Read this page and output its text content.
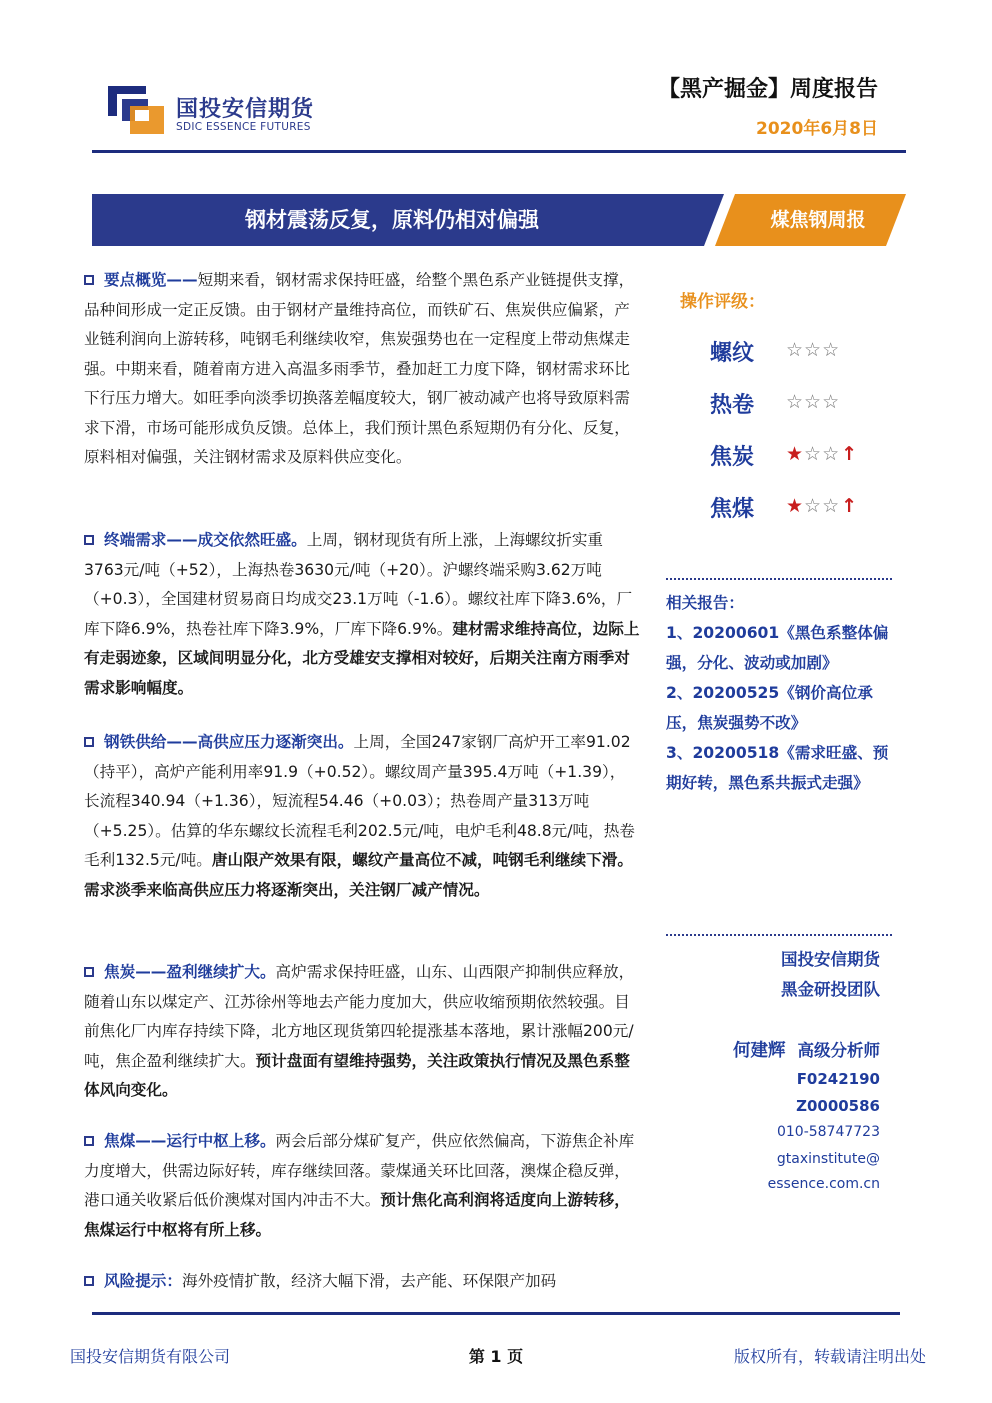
国投安信期货
SDIC ESSENCE FUTURES
【黑产掘金】周度报告
2020年6月8日
钢材震荡反复，原料仍相对偏强	煤焦钢周报
要点概览——短期来看，钢材需求保持旺盛，给整个黑色系产业链提供支撑，品种间形成一定正反馈。由于钢材产量维持高位，而铁矿石、焦炭供应偏紧，产业链利润向上游转移，吨钢毛利继续收窄，焦炭强势也在一定程度上带动焦煤走强。中期来看，随着南方进入高温多雨季节，叠加赶工力度下降，钢材需求环比下行压力增大。如旺季向淡季切换落差幅度较大，钢厂被动减产也将导致原料需求下滑，市场可能形成负反馈。总体上，我们预计黑色系短期仍有分化、反复，原料相对偏强，关注钢材需求及原料供应变化。
终端需求——成交依然旺盛。上周，钢材现货有所上涨，上海螺纹折实重3763元/吨（+52），上海热卷3630元/吨（+20）。沪螺终端采购3.62万吨（+0.3），全国建材贸易商日均成交23.1万吨（-1.6）。螺纹社库下降3.6%，厂库下降6.9%，热卷社库下降3.9%，厂库下降6.9%。建材需求维持高位，边际上有走弱迹象，区域间明显分化，北方受雄安支撑相对较好，后期关注南方雨季对需求影响幅度。
钢铁供给——高供应压力逐渐突出。上周，全国247家钢厂高炉开工率91.02（持平），高炉产能利用率91.9（+0.52）。螺纹周产量395.4万吨（+1.39），长流程340.94（+1.36），短流程54.46（+0.03）；热卷周产量313万吨（+5.25）。估算的华东螺纹长流程毛利202.5元/吨，电炉毛利48.8元/吨，热卷毛利132.5元/吨。唐山限产效果有限，螺纹产量高位不减，吨钢毛利继续下滑。需求淡季来临高供应压力将逐渐突出，关注钢厂减产情况。
焦炭——盈利继续扩大。高炉需求保持旺盛，山东、山西限产抑制供应释放，随着山东以煤定产、江苏徐州等地去产能力度加大，供应收缩预期依然较强。目前焦化厂内库存持续下降，北方地区现货第四轮提涨基本落地，累计涨幅200元/吨，焦企盈利继续扩大。预计盘面有望维持强势，关注政策执行情况及黑色系整体风向变化。
焦煤——运行中枢上移。两会后部分煤矿复产，供应依然偏高，下游焦企补库力度增大，供需边际好转，库存继续回落。蒙煤通关环比回落，澳煤企稳反弹，港口通关收紧后低价澳煤对国内冲击不大。预计焦化高利润将适度向上游转移，焦煤运行中枢将有所上移。
风险提示：海外疫情扩散，经济大幅下滑，去产能、环保限产加码
操作评级：
螺纹 ☆☆☆
热卷 ☆☆☆
焦炭 ★☆☆↑
焦煤 ★☆☆↑
相关报告：
1、20200601《黑色系整体偏强，分化、波动或加剧》
2、20200525《钢价高位承压，焦炭强势不改》
3、20200518《需求旺盛、预期好转，黑色系共振式走强》
国投安信期货
黑金研投团队
何建辉 高级分析师
F0242190
Z0000586
010-58747723
gtaxinstitute@
essence.com.cn
国投安信期货有限公司	第 1 页	版权所有，转载请注明出处
